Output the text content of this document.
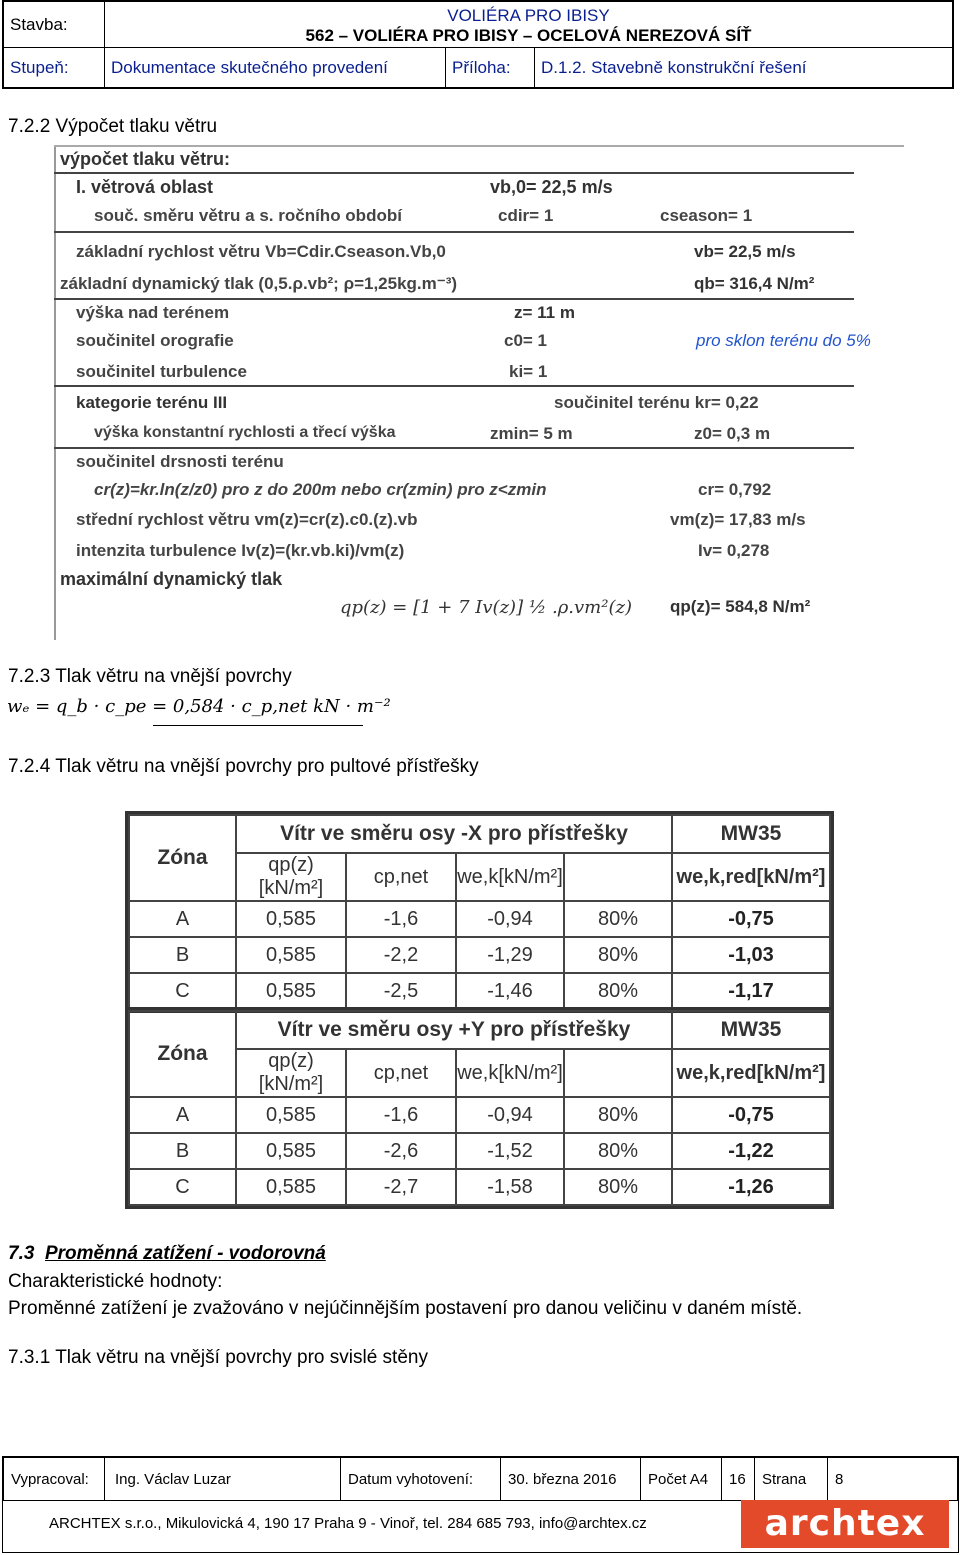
Stavba:	VOLIÉRA PRO IBISY
562 – VOLIÉRA PRO IBISY – OCELOVÁ NEREZOVÁ SÍŤ		

Stupeň:	Dokumentace skutečného provedení	Příloha:	D.1.2. Stavebně konstrukční řešení
7.2.2 Výpočet tlaku větru
výpočet tlaku větru:
I. větrová oblast	vb,0= 22,5 m/s
souč. směru větru a s. ročního období	cdir= 1	cseason= 1
základní rychlost větru Vb=Cdir.Cseason.Vb,0	vb= 22,5 m/s
základní dynamický tlak (0,5.ρ.vb²; ρ=1,25kg.m⁻³)	qb= 316,4 N/m²
výška nad terénem	z= 11 m
součinitel orografie	c0= 1	pro sklon terénu do 5%
součinitel turbulence	ki= 1
kategorie terénu III	součinitel terénu kr= 0,22
výška konstantní rychlosti a třecí výška	zmin= 5 m	z0= 0,3 m
součinitel drsnosti terénu
cr(z)=kr.ln(z/z0) pro z do 200m nebo cr(zmin) pro z<zmin	cr= 0,792
střední rychlost větru vm(z)=cr(z).c0.(z).vb	vm(z)= 17,83 m/s
intenzita turbulence Iv(z)=(kr.vb.ki)/vm(z)	Iv= 0,278
maximální dynamický tlak
qp(z) = [1 + 7 Iv(z)] ½ .ρ.vm²(z) qp(z)= 584,8 N/m²
7.2.3 Tlak větru na vnější povrchy
wₑ = q_b · c_pe = 0,584 · c_p,net kN · m⁻²
7.2.4 Tlak větru na vnější povrchy pro pultové přístřešky
Zóna	Vítr ve směru osy -X pro přístřešky				MW35
	qp(z)[kN/m²]	cp,net	we,k[kN/m²]		we,k,red[kN/m²]
A	0,585	-1,6	-0,94	80%	-0,75
B	0,585	-2,2	-1,29	80%	-1,03
C	0,585	-2,5	-1,46	80%	-1,17
Zóna	Vítr ve směru osy +Y pro přístřešky				MW35
	qp(z)[kN/m²]	cp,net	we,k[kN/m²]		we,k,red[kN/m²]
A	0,585	-1,6	-0,94	80%	-0,75
B	0,585	-2,6	-1,52	80%	-1,22
C	0,585	-2,7	-1,58	80%	-1,26
7.3 Proměnná zatížení - vodorovná
Charakteristické hodnoty:
Proměnné zatížení je zvažováno v nejúčinnějším postavení pro danou veličinu v daném místě.
7.3.1 Tlak větru na vnější povrchy pro svislé stěny
Vypracoval:	Ing. Václav Luzar	Datum vyhotovení:	30. března 2016	Počet A4	16	Strana	8
ARCHTEX s.r.o., Mikulovická 4, 190 17 Praha 9 - Vinoř, tel. 284 685 793, info@archtex.cz	archtex
